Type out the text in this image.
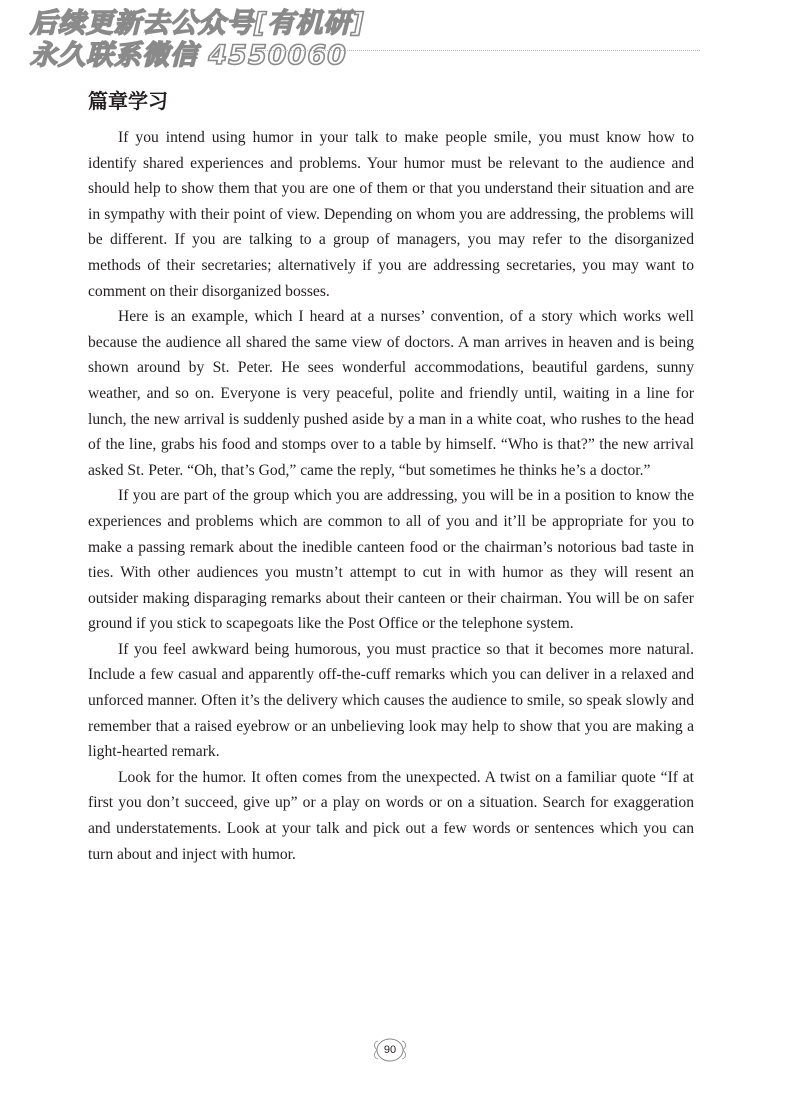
后续更新去公众号[有机研]
永久联系微信 4550060
篇章学习

If you intend using humor in your talk to make people smile, you must know how to identify shared experiences and problems. Your humor must be relevant to the audience and should help to show them that you are one of them or that you understand their situation and are in sympathy with their point of view. Depending on whom you are addressing, the problems will be different. If you are talking to a group of managers, you may refer to the disorganized methods of their secretaries; alternatively if you are addressing secretaries, you may want to comment on their disorganized bosses.

Here is an example, which I heard at a nurses’ convention, of a story which works well because the audience all shared the same view of doctors. A man arrives in heaven and is being shown around by St. Peter. He sees wonderful accommodations, beautiful gardens, sunny weather, and so on. Everyone is very peaceful, polite and friendly until, waiting in a line for lunch, the new arrival is suddenly pushed aside by a man in a white coat, who rushes to the head of the line, grabs his food and stomps over to a table by himself. “Who is that?” the new arrival asked St. Peter. “Oh, that’s God,” came the reply, “but sometimes he thinks he’s a doctor.”

If you are part of the group which you are addressing, you will be in a position to know the experiences and problems which are common to all of you and it’ll be appropriate for you to make a passing remark about the inedible canteen food or the chairman’s notorious bad taste in ties. With other audiences you mustn’t attempt to cut in with humor as they will resent an outsider making disparaging remarks about their canteen or their chairman. You will be on safer ground if you stick to scapegoats like the Post Office or the telephone system.

If you feel awkward being humorous, you must practice so that it becomes more natural. Include a few casual and apparently off-the-cuff remarks which you can deliver in a relaxed and unforced manner. Often it’s the delivery which causes the audience to smile, so speak slowly and remember that a raised eyebrow or an unbelieving look may help to show that you are making a light-hearted remark.

Look for the humor. It often comes from the unexpected. A twist on a familiar quote “If at first you don’t succeed, give up” or a play on words or on a situation. Search for exaggeration and understatements. Look at your talk and pick out a few words or sentences which you can turn about and inject with humor.

90
